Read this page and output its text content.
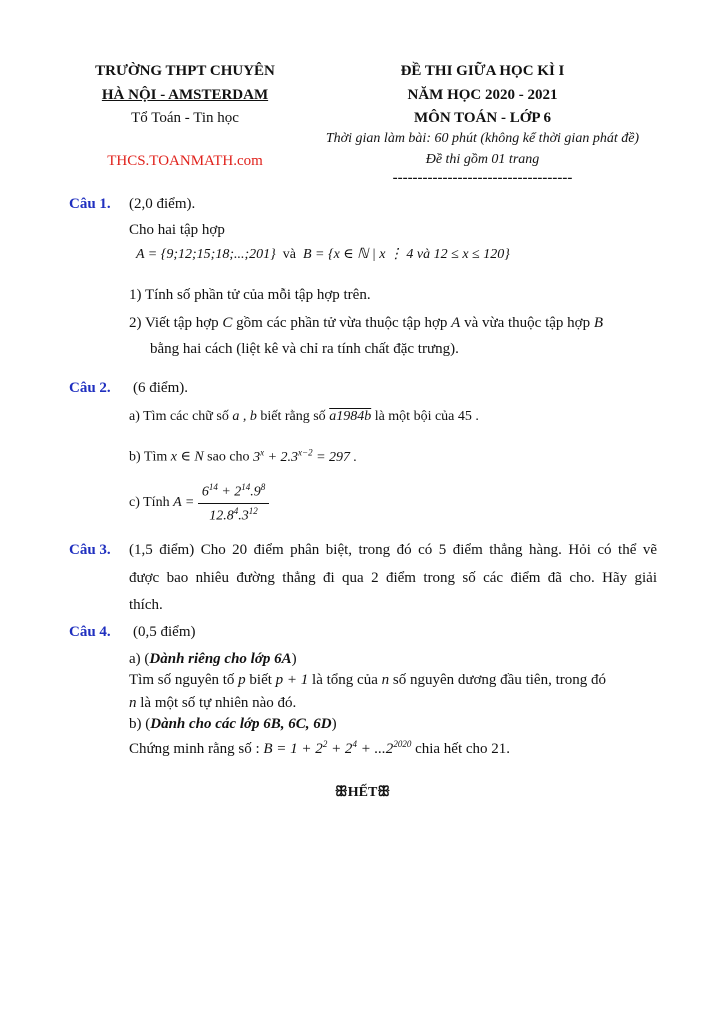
TRƯỜNG THPT CHUYÊN
HÀ NỘI - AMSTERDAM
Tổ Toán - Tin học
THCS.TOANMATH.com
ĐỀ THI GIỮA HỌC KÌ I
NĂM HỌC 2020 - 2021
MÔN TOÁN - LỚP 6
Thời gian làm bài: 60 phút (không kể thời gian phát đề)
Đề thi gồm 01 trang
------------------------------------
Câu 1. (2,0 điểm).
Cho hai tập hợp
A = {9;12;15;18;...;201} và B = {x ∈ ℕ | x ⋮ 4 và 12 ≤ x ≤ 120}
1) Tính số phần tử của mỗi tập hợp trên.
2) Viết tập hợp C gồm các phần tử vừa thuộc tập hợp A và vừa thuộc tập hợp B
bằng hai cách (liệt kê và chỉ ra tính chất đặc trưng).
Câu 2. (6 điểm).
a) Tìm các chữ số a , b biết rằng số a1984b là một bội của 45 .
b) Tìm x ∈ N sao cho $3^x + 2.3^{x-2} = 297$ .
c) Tính $A = \frac{6^{14} + 2^{14}.9^8}{12.8^4.3^{12}}$
Câu 3. (1,5 điểm) Cho 20 điểm phân biệt, trong đó có 5 điểm thẳng hàng. Hỏi có thể vẽ
được bao nhiêu đường thẳng đi qua 2 điểm trong số các điểm đã cho. Hãy giải
thích.
Câu 4. (0,5 điểm)
a) (Dành riêng cho lớp 6A)
Tìm số nguyên tố p biết p + 1 là tổng của n số nguyên dương đầu tiên, trong đó
n là một số tự nhiên nào đó.
b) (Dành cho các lớp 6B, 6C, 6D)
Chứng minh rằng số : $B = 1 + 2^2 + 2^4 + ...2^{2020}$ chia hết cho 21.
ꕥHẾTꕥ
